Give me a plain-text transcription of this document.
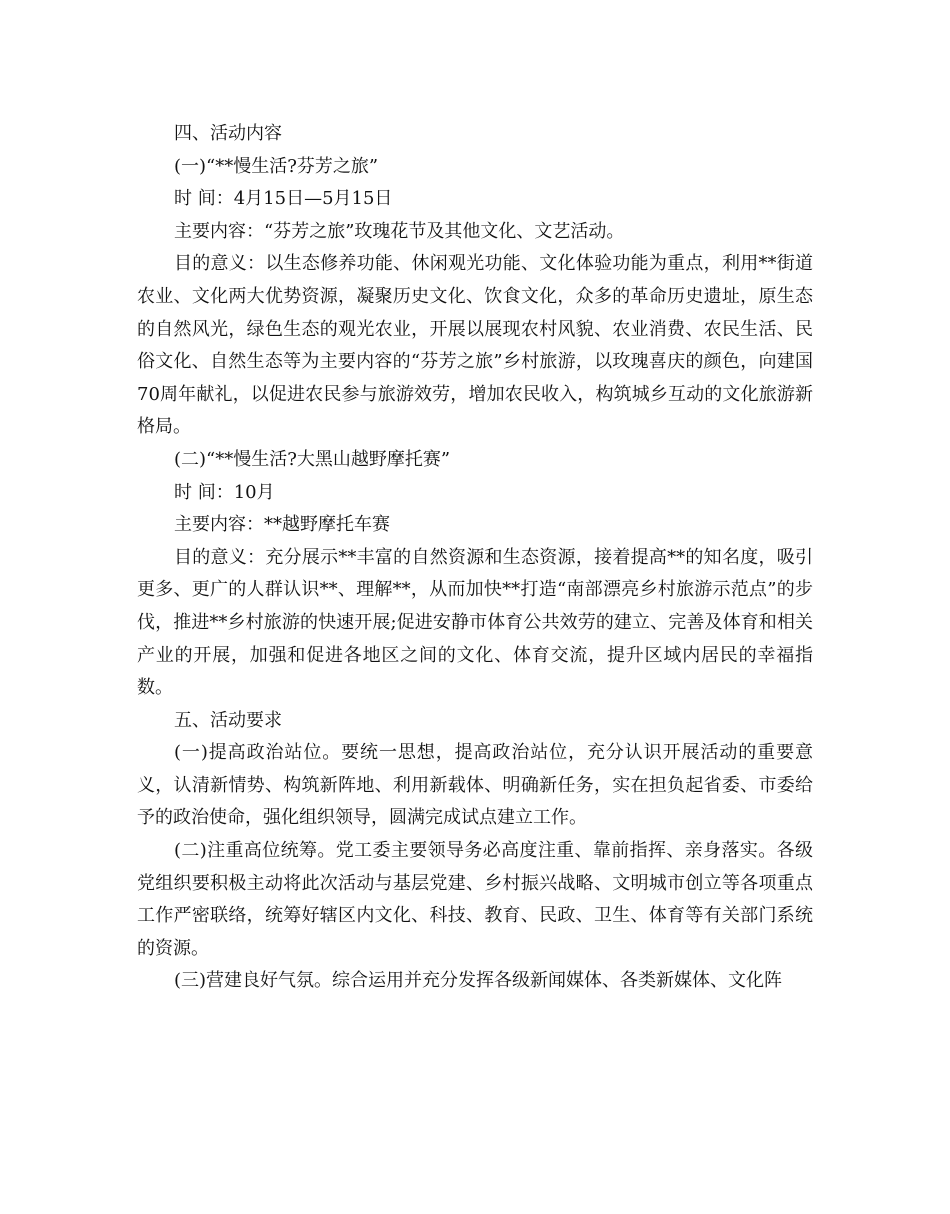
四、活动内容

(一)“**慢生活?芬芳之旅”

时 间：4月15日—5月15日

主要内容：“芬芳之旅”玫瑰花节及其他文化、文艺活动。

目的意义：以生态修养功能、休闲观光功能、文化体验功能为重点，利用**街道农业、文化两大优势资源，凝聚历史文化、饮食文化，众多的革命历史遗址，原生态的自然风光，绿色生态的观光农业，开展以展现农村风貌、农业消费、农民生活、民俗文化、自然生态等为主要内容的“芬芳之旅”乡村旅游，以玫瑰喜庆的颜色，向建国70周年献礼，以促进农民参与旅游效劳，增加农民收入，构筑城乡互动的文化旅游新格局。

(二)“**慢生活?大黑山越野摩托赛”

时 间：10月

主要内容：**越野摩托车赛

目的意义：充分展示**丰富的自然资源和生态资源，接着提高**的知名度，吸引更多、更广的人群认识**、理解**，从而加快**打造“南部漂亮乡村旅游示范点”的步伐，推进**乡村旅游的快速开展;促进安静市体育公共效劳的建立、完善及体育和相关产业的开展，加强和促进各地区之间的文化、体育交流，提升区域内居民的幸福指数。

五、活动要求

(一)提高政治站位。要统一思想，提高政治站位，充分认识开展活动的重要意义，认清新情势、构筑新阵地、利用新载体、明确新任务，实在担负起省委、市委给予的政治使命，强化组织领导，圆满完成试点建立工作。

(二)注重高位统筹。党工委主要领导务必高度注重、靠前指挥、亲身落实。各级党组织要积极主动将此次活动与基层党建、乡村振兴战略、文明城市创立等各项重点工作严密联络，统筹好辖区内文化、科技、教育、民政、卫生、体育等有关部门系统的资源。

(三)营建良好气氛。综合运用并充分发挥各级新闻媒体、各类新媒体、文化阵
